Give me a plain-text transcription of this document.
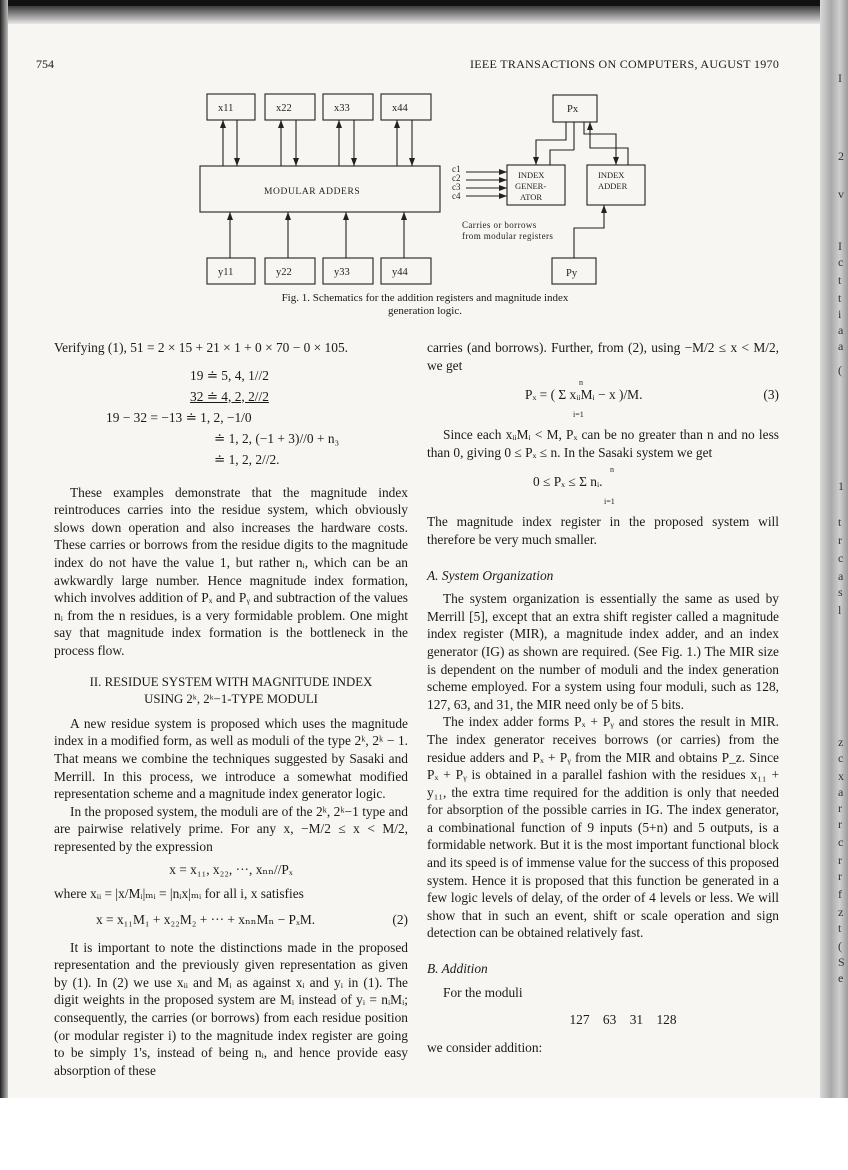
754	IEEE TRANSACTIONS ON COMPUTERS, AUGUST 1970
x11	x22	x33	x44
y11	y22	y33	y44
MODULAR ADDERS
Px
Py
c1
c2
c3
c4
INDEX
GENER-
ATOR
INDEX
ADDER
Carries or borrows
from modular registers
Fig. 1. Schematics for the addition registers and magnitude index
generation logic.

Verifying (1), 51 = 2 × 15 + 21 × 1 + 0 × 70 − 0 × 105.

19 ≐ 5, 4, 1//2
32 ≐ 4, 2, 2//2
19 − 32 = −13 ≐ 1, 2, −1/0
≐ 1, 2, (−1 + 3)//0 + n₃
≐ 1, 2, 2//2.

These examples demonstrate that the magnitude index reintroduces carries into the residue system, which obviously slows down operation and also increases the hardware costs. These carries or borrows from the residue digits to the magnitude index do not have the value 1, but rather nᵢ, which can be an awkwardly large number. Hence magnitude index formation, which involves addition of Pₓ and Pᵧ and subtraction of the values nᵢ from the n residues, is a very formidable problem. One might say that magnitude index formation is the bottleneck in the process flow.

II. RESIDUE SYSTEM WITH MAGNITUDE INDEX
USING 2ᵏ, 2ᵏ−1-TYPE MODULI

A new residue system is proposed which uses the magnitude index in a modified form, as well as moduli of the type 2ᵏ, 2ᵏ − 1. That means we combine the techniques suggested by Sasaki and Merrill. In this process, we introduce a somewhat modified representation scheme and a magnitude index generator logic.

In the proposed system, the moduli are of the 2ᵏ, 2ᵏ−1 type and are pairwise relatively prime. For any x, −M/2 ≤ x < M/2, represented by the expression

x = x₁₁, x₂₂, ···, xₙₙ//Pₓ

where xᵢᵢ = |x/Mᵢ|ₘᵢ = |nᵢx|ₘᵢ for all i, x satisfies

x = x₁₁M₁ + x₂₂M₂ + ··· + xₙₙMₙ − PₓM.	(2)

It is important to note the distinctions made in the proposed representation and the previously given representation as given by (1). In (2) we use xᵢᵢ and Mᵢ as against xᵢ and yᵢ in (1). The digit weights in the proposed system are Mᵢ instead of yᵢ = nᵢMᵢ; consequently, the carries (or borrows) from each residue position (or modular register i) to the magnitude index register are going to be simply 1's, instead of being nᵢ, and hence provide easy absorption of these

carries (and borrows). Further, from (2), using −M/2 ≤ x < M/2, we get

n
Pₓ = ( Σ xᵢᵢMᵢ − x )/M.
i=1
(3)

Since each xᵢᵢMᵢ < M, Pₓ can be no greater than n and no less than 0, giving 0 ≤ Pₓ ≤ n. In the Sasaki system we get

n
0 ≤ Pₓ ≤ Σ nᵢ.
i=1

The magnitude index register in the proposed system will therefore be very much smaller.

A. System Organization

The system organization is essentially the same as used by Merrill [5], except that an extra shift register called a magnitude index register (MIR), a magnitude index adder, and an index generator (IG) as shown are required. (See Fig. 1.) The MIR size is dependent on the number of moduli and the index generation scheme employed. For a system using four moduli, such as 128, 127, 63, and 31, the MIR need only be of 5 bits.

The index adder forms Pₓ + Pᵧ and stores the result in MIR. The index generator receives borrows (or carries) from the residue adders and Pₓ + Pᵧ from the MIR and obtains P_z. Since Pₓ + Pᵧ is obtained in a parallel fashion with the residues x₁₁ + y₁₁, the extra time required for the addition is only that needed for absorption of the possible carries in IG. The index generator, a combinational function of 9 inputs (5+n) and 5 outputs, is a formidable network. But it is the most important functional block and its speed is of immense value for the success of this proposed system. Hence it is proposed that this function be generated in a few logic levels of delay, of the order of 4 levels or less. We will show that in such an event, shift or scale operation and sign detection can be obtained relatively fast.

B. Addition

For the moduli

127    63    31    128

we consider addition:

I
2
v
I
c
t
t
i
a
a
(
1
t
r
c
a
s
l
z
c
x
a
r
r
c
r
r
f
z
t
(
S
e
